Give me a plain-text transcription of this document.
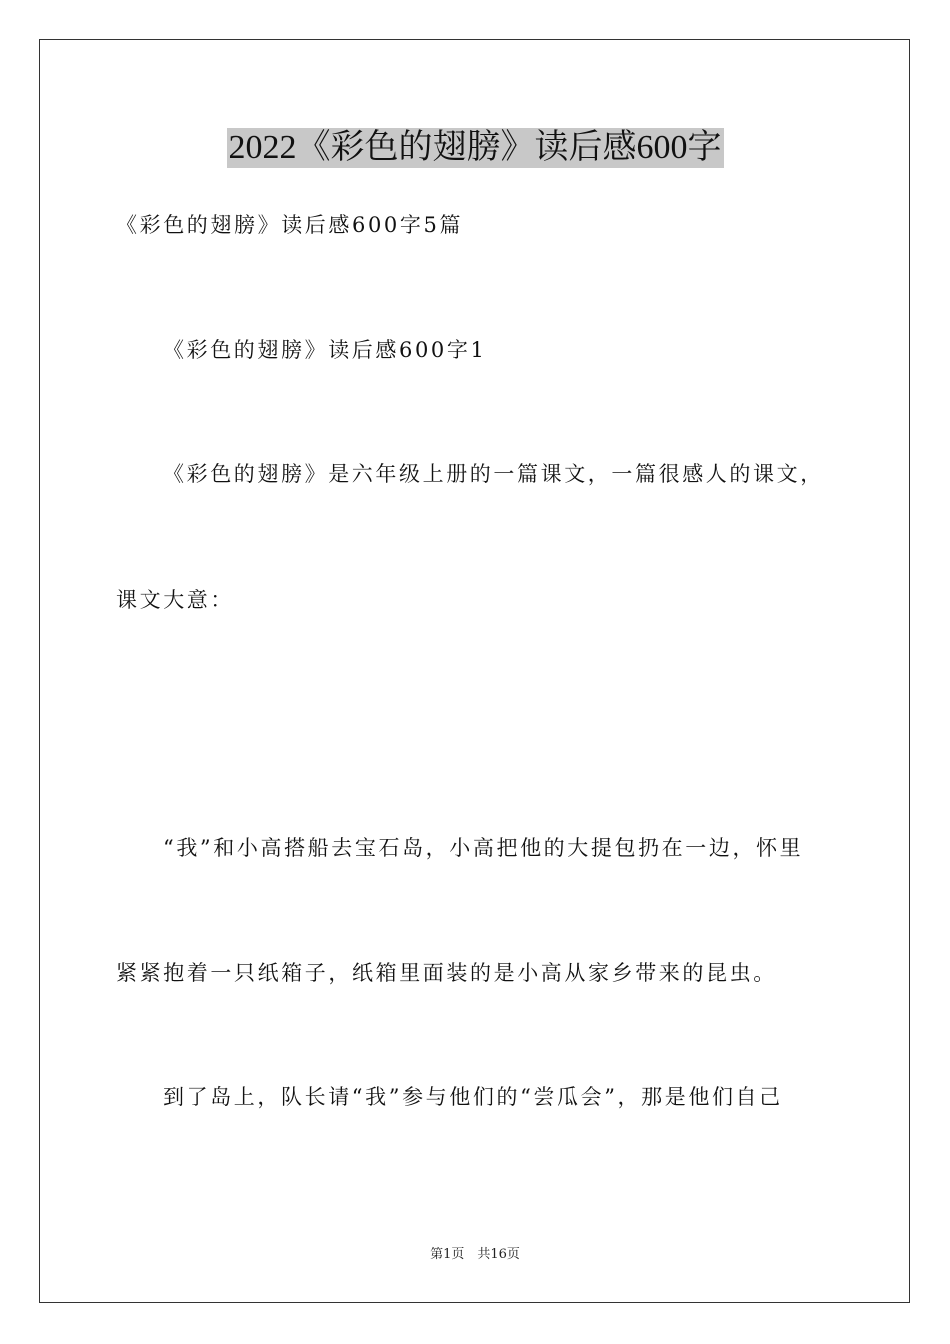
2022《彩色的翅膀》读后感600字
《彩色的翅膀》读后感600字5篇
《彩色的翅膀》读后感600字1
《彩色的翅膀》是六年级上册的一篇课文，一篇很感人的课文，
课文大意：
“我”和小高搭船去宝石岛，小高把他的大提包扔在一边，怀里
紧紧抱着一只纸箱子，纸箱里面装的是小高从家乡带来的昆虫。
到了岛上，队长请“我”参与他们的“尝瓜会”，那是他们自己
第1页　共16页
